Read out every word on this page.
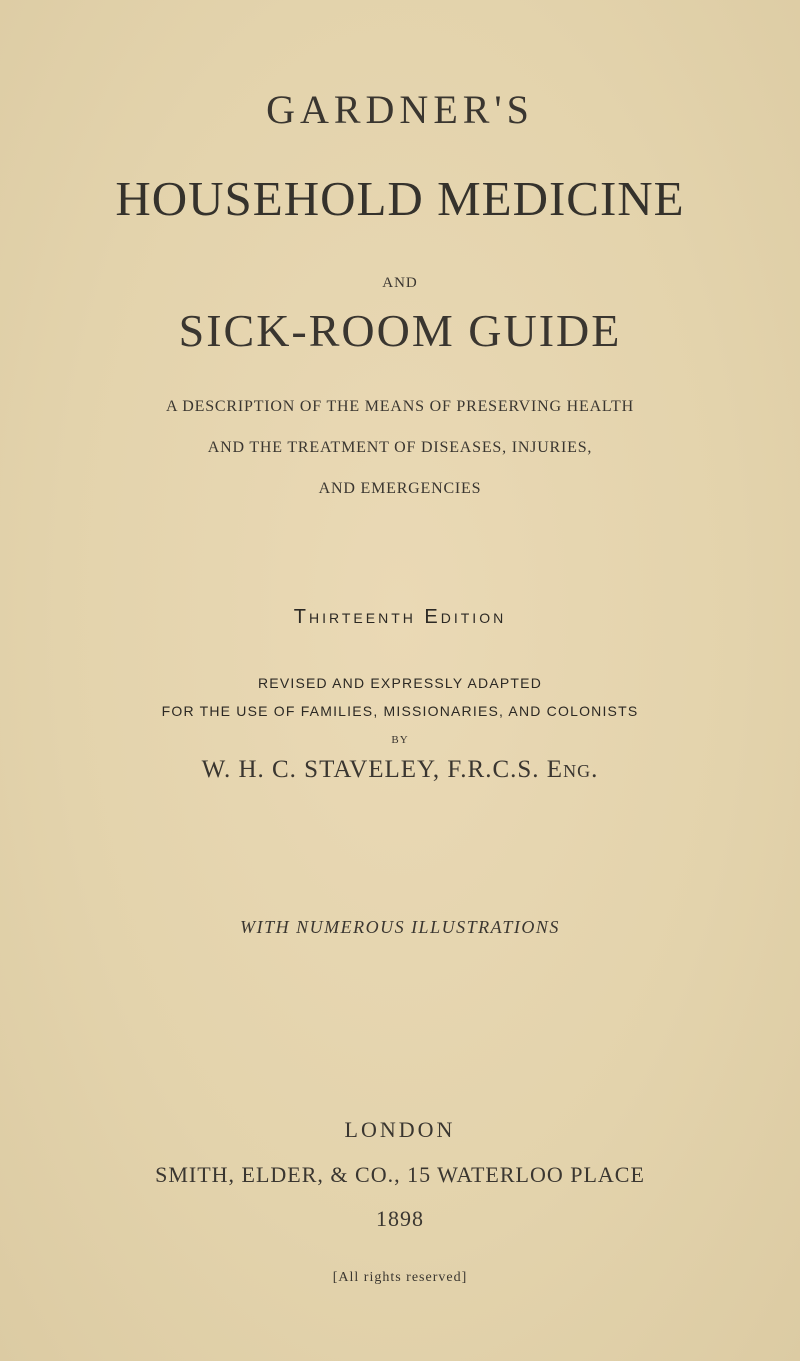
GARDNER'S
HOUSEHOLD MEDICINE
AND
SICK-ROOM GUIDE
A DESCRIPTION OF THE MEANS OF PRESERVING HEALTH
AND THE TREATMENT OF DISEASES, INJURIES,
AND EMERGENCIES
Thirteenth Edition
REVISED AND EXPRESSLY ADAPTED
FOR THE USE OF FAMILIES, MISSIONARIES, AND COLONISTS
BY
W. H. C. STAVELEY, F.R.C.S. Eng.
WITH NUMEROUS ILLUSTRATIONS
LONDON
SMITH, ELDER, & CO., 15 WATERLOO PLACE
1898
[All rights reserved]
